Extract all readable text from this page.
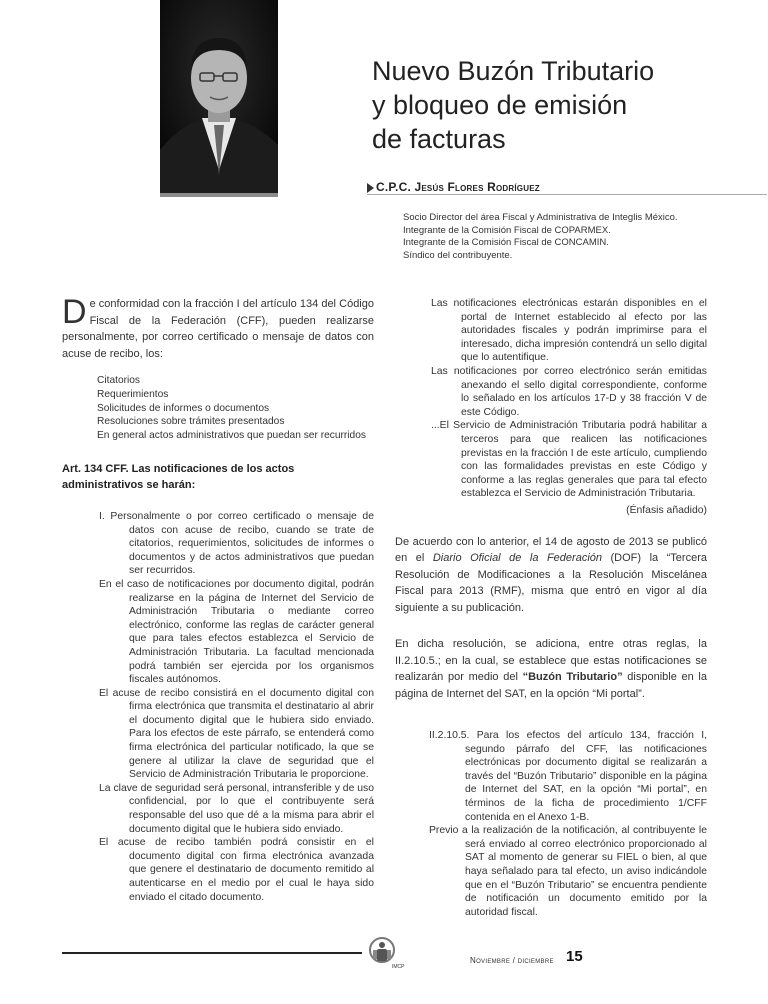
Nuevo Buzón Tributario
y bloqueo de emisión
de facturas
C.P.C. Jesús Flores Rodríguez
Socio Director del área Fiscal y Administrativa de Integlis México.
Integrante de la Comisión Fiscal de COPARMEX.
Integrante de la Comisión Fiscal de CONCAMIN.
Síndico del contribuyente.

De conformidad con la fracción I del artículo 134 del Código Fiscal de la Federación (CFF), pueden realizarse personalmente, por correo certificado o mensaje de datos con acuse de recibo, los:

Citatorios
Requerimientos
Solicitudes de informes o documentos
Resoluciones sobre trámites presentados
En general actos administrativos que puedan ser recurridos
Art. 134 CFF. Las notificaciones de los actos administrativos se harán:

I. Personalmente o por correo certificado o mensaje de datos con acuse de recibo, cuando se trate de citatorios, requerimientos, solicitudes de informes o documentos y de actos administrativos que puedan ser recurridos.

En el caso de notificaciones por documento digital, podrán realizarse en la página de Internet del Servicio de Administración Tributaria o mediante correo electrónico, conforme las reglas de carácter general que para tales efectos establezca el Servicio de Administración Tributaria. La facultad mencionada podrá también ser ejercida por los organismos fiscales autónomos.

El acuse de recibo consistirá en el documento digital con firma electrónica que transmita el destinatario al abrir el documento digital que le hubiera sido enviado. Para los efectos de este párrafo, se entenderá como firma electrónica del particular notificado, la que se genere al utilizar la clave de seguridad que el Servicio de Administración Tributaria le proporcione.

La clave de seguridad será personal, intransferible y de uso confidencial, por lo que el contribuyente será responsable del uso que dé a la misma para abrir el documento digital que le hubiera sido enviado.

El acuse de recibo también podrá consistir en el documento digital con firma electrónica avanzada que genere el destinatario de documento remitido al autenticarse en el medio por el cual le haya sido enviado el citado documento.

Las notificaciones electrónicas estarán disponibles en el portal de Internet establecido al efecto por las autoridades fiscales y podrán imprimirse para el interesado, dicha impresión contendrá un sello digital que lo autentifique.

Las notificaciones por correo electrónico serán emitidas anexando el sello digital correspondiente, conforme lo señalado en los artículos 17-D y 38 fracción V de este Código.

...El Servicio de Administración Tributaria podrá habilitar a terceros para que realicen las notificaciones previstas en la fracción I de este artículo, cumpliendo con las formalidades previstas en este Código y conforme a las reglas generales que para tal efecto establezca el Servicio de Administración Tributaria.

(Énfasis añadido)

De acuerdo con lo anterior, el 14 de agosto de 2013 se publicó en el Diario Oficial de la Federación (DOF) la “Tercera Resolución de Modificaciones a la Resolución Miscelánea Fiscal para 2013 (RMF), misma que entró en vigor al día siguiente a su publicación.

En dicha resolución, se adiciona, entre otras reglas, la II.2.10.5.; en la cual, se establece que estas notificaciones se realizarán por medio del “Buzón Tributario” disponible en la página de Internet del SAT, en la opción “Mi portal”.

II.2.10.5. Para los efectos del artículo 134, fracción I, segundo párrafo del CFF, las notificaciones electrónicas por documento digital se realizarán a través del “Buzón Tributario” disponible en la página de Internet del SAT, en la opción “Mi portal”, en términos de la ficha de procedimiento 1/CFF contenida en el Anexo 1-B.

Previo a la realización de la notificación, al contribuyente le será enviado al correo electrónico proporcionado al SAT al momento de generar su FIEL o bien, al que haya señalado para tal efecto, un aviso indicándole que en el “Buzón Tributario” se encuentra pendiente de notificación un documento emitido por la autoridad fiscal.

IMCP
Noviembre / diciembre 15
